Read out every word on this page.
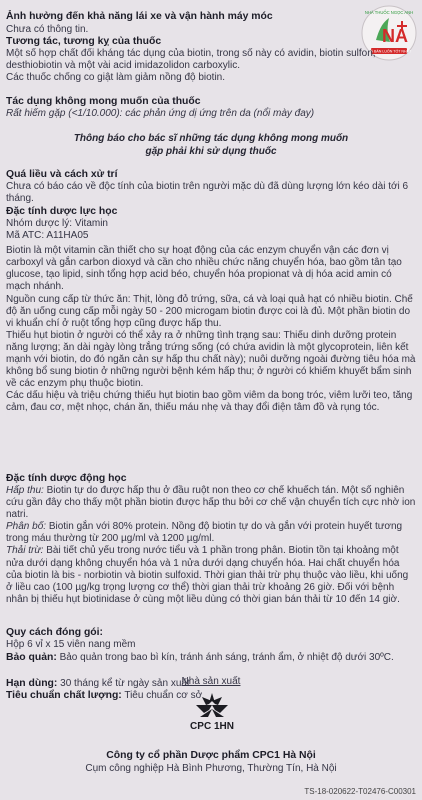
NA
NHÀ THUỐC NGỌC ANH
GIÁ BÁN LUÔN TỐT NHẤT
Ảnh hưởng đến khả năng lái xe và vận hành máy móc
Chưa có thông tin.
Tương tác, tương kỵ của thuốc

Một số hợp chất đối kháng tác dụng của biotin, trong số này có avidin, biotin sulfon, desthiobiotin và một vài acid imidazolidon carboxylic.

Các thuốc chống co giật làm giảm nồng độ biotin.

Tác dụng không mong muốn của thuốc
Rất hiếm gặp (<1/10.000): các phản ứng dị ứng trên da (nổi mày đay)
Thông báo cho bác sĩ những tác dụng không mong muốn
gặp phải khi sử dụng thuốc
Quá liều và cách xử trí
Chưa có báo cáo về độc tính của biotin trên người mặc dù đã dùng lượng lớn kéo dài tới 6 tháng.
Đặc tính dược lực học

Nhóm dược lý: Vitamin

Mã ATC: A11HA05

Biotin là một vitamin cần thiết cho sự hoạt động của các enzym chuyển vận các đơn vị carboxyl và gắn carbon dioxyd và cần cho nhiều chức năng chuyển hóa, bao gồm tân tạo glucose, tạo lipid, sinh tổng hợp acid béo, chuyển hóa propionat và dị hóa acid amin có mạch nhánh.

Nguồn cung cấp từ thức ăn: Thịt, lòng đỏ trứng, sữa, cá và loại quả hạt có nhiều biotin. Chế độ ăn uống cung cấp mỗi ngày 50 - 200 microgam biotin được coi là đủ. Một phần biotin do vi khuẩn chí ở ruột tổng hợp cũng được hấp thu.

Thiếu hụt biotin ở người có thể xảy ra ở những tình trạng sau: Thiếu dinh dưỡng protein năng lượng; ăn dài ngày lòng trắng trứng sống (có chứa avidin là một glycoprotein, liên kết mạnh với biotin, do đó ngăn cản sự hấp thu chất này); nuôi dưỡng ngoài đường tiêu hóa mà không bổ sung biotin ở những người bệnh kém hấp thu; ở người có khiếm khuyết bẩm sinh về các enzym phụ thuộc biotin.

Các dấu hiệu và triệu chứng thiếu hụt biotin bao gồm viêm da bong tróc, viêm lưỡi teo, tăng cảm, đau cơ, mệt nhọc, chán ăn, thiếu máu nhẹ và thay đổi điện tâm đồ và rụng tóc.

Đặc tính dược động học

Hấp thu: Biotin tự do được hấp thu ở đầu ruột non theo cơ chế khuếch tán. Một số nghiên cứu gần đây cho thấy một phần biotin được hấp thu bởi cơ chế vận chuyển tích cực nhờ ion natri.

Phân bố: Biotin gắn với 80% protein. Nồng độ biotin tự do và gắn với protein huyết tương trong máu thường từ 200 µg/ml và 1200 µg/ml.

Thải trừ: Bài tiết chủ yếu trong nước tiểu và 1 phần trong phân. Biotin tồn tại khoảng một nửa dưới dạng không chuyển hóa và 1 nửa dưới dạng chuyển hóa. Hai chất chuyển hóa của biotin là bis - norbiotin và biotin sulfoxid. Thời gian thải trừ phụ thuộc vào liều, khi uống ở liều cao (100 µg/kg trọng lượng cơ thể) thời gian thải trừ khoảng 26 giờ. Đối với bệnh nhân bị thiếu hụt biotinidase ở cùng một liều dùng có thời gian bán thải từ 10 đến 14 giờ.

Quy cách đóng gói:
Hộp 6 vỉ x 15 viên nang mềm
Bảo quản: Bảo quản trong bao bì kín, tránh ánh sáng, tránh ẩm, ở nhiệt độ dưới 30ºC.
Hạn dùng: 30 tháng kể từ ngày sản xuất.
Tiêu chuẩn chất lượng: Tiêu chuẩn cơ sở
Nhà sản xuất
CPC 1HN
Công ty cổ phần Dược phẩm CPC1 Hà Nội
Cụm công nghiệp Hà Bình Phương, Thường Tín, Hà Nội
TS-18-020622-T02476-C00301
